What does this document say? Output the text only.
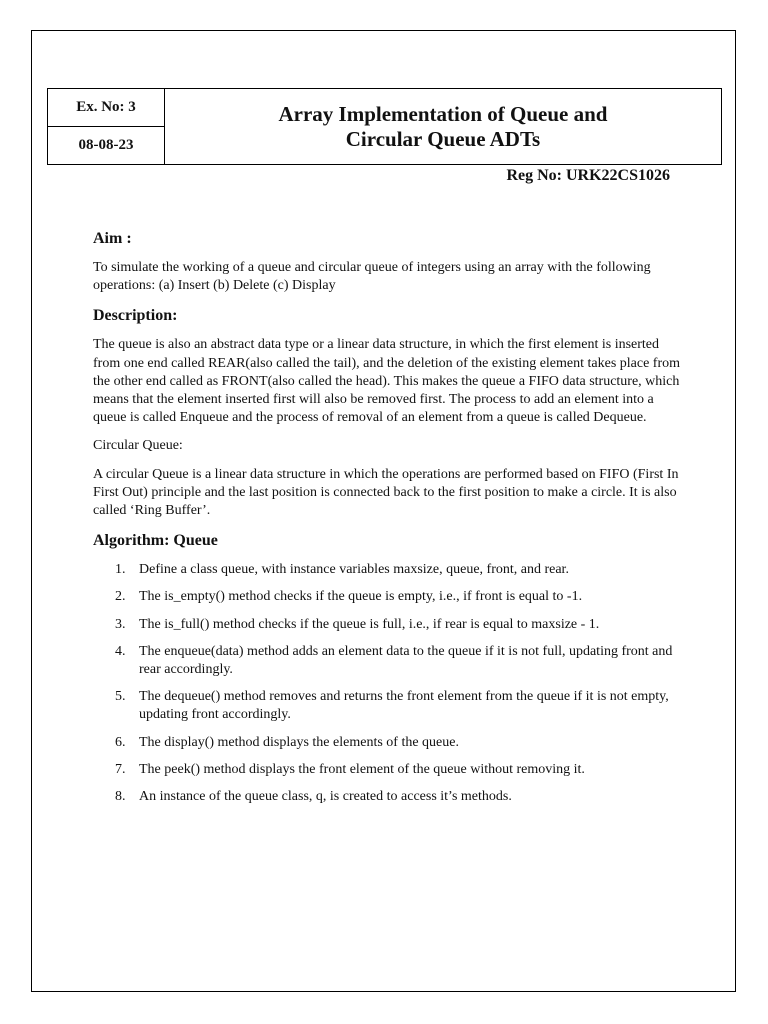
Ex. No: 3
08-08-23
Array Implementation of Queue and
Circular Queue ADTs
Reg No: URK22CS1026
Aim :

To simulate the working of a queue and circular queue of integers using an array with the following operations: (a) Insert (b) Delete (c) Display

Description:

The queue is also an abstract data type or a linear data structure, in which the first element is inserted from one end called REAR(also called the tail), and the deletion of the existing element takes place from the other end called as FRONT(also called the head). This makes the queue a FIFO data structure, which means that the element inserted first will also be removed first. The process to add an element into a queue is called Enqueue and the process of removal of an element from a queue is called Dequeue.

Circular Queue:

A circular Queue is a linear data structure in which the operations are performed based on FIFO (First In First Out) principle and the last position is connected back to the first position to make a circle. It is also called ‘Ring Buffer’.

Algorithm: Queue
1. Define a class queue, with instance variables maxsize, queue, front, and rear.
2. The is_empty() method checks if the queue is empty, i.e., if front is equal to -1.
3. The is_full() method checks if the queue is full, i.e., if rear is equal to maxsize - 1.
4. The enqueue(data) method adds an element data to the queue if it is not full, updating front and rear accordingly.
5. The dequeue() method removes and returns the front element from the queue if it is not empty, updating front accordingly.
6. The display() method displays the elements of the queue.
7. The peek() method displays the front element of the queue without removing it.
8. An instance of the queue class, q, is created to access it’s methods.
